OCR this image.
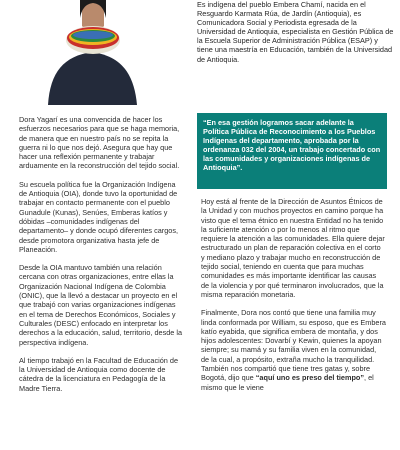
Es indígena del pueblo Embera Chamí, nacida en el Resguardo Karmata Rúa, de Jardín (Antioquia), es Comunicadora Social y Periodista egresada de la Universidad de Antioquia, especialista en Gestión Pública de la Escuela Superior de Administración Pública (ESAP) y tiene una maestría en Educación, también de la Universidad de Antioquia.
“En esa gestión logramos sacar adelante la Política Pública de Reconocimiento a los Pueblos Indígenas del departamento, aprobada por la ordenanza 032 del 2004, un trabajo concertado con las comunidades y organizaciones indígenas de Antioquia”.

Dora Yagarí es una convencida de hacer los esfuerzos necesarios para que se haga memoria, de manera que en nuestro país no se repita la guerra ni lo que nos dejó. Asegura que hay que hacer una reflexión permanente y trabajar arduamente en la reconstrucción del tejido social.

Su escuela política fue la Organización Indígena de Antioquia (OIA), donde tuvo la oportunidad de trabajar en contacto permanente con el pueblo Gunadule (Kunas), Senúes, Emberas katíos y dóbidas –comunidades indígenas del departamento– y donde ocupó diferentes cargos, desde promotora organizativa hasta jefe de Planeación.

Desde la OIA mantuvo también una relación cercana con otras organizaciones, entre ellas la Organización Nacional Indígena de Colombia (ONIC), que la llevó a destacar un proyecto en el que trabajó con varias organizaciones indígenas en el tema de Derechos Económicos, Sociales y Culturales (DESC) enfocado en interpretar los derechos a la educación, salud, territorio, desde la perspectiva indígena.

Al tiempo trabajó en la Facultad de Educación de la Universidad de Antioquia como docente de cátedra de la licenciatura en Pedagogía de la Madre Tierra.

Hoy está al frente de la Dirección de Asuntos Étnicos de la Unidad y con muchos proyectos en camino porque ha visto que el tema étnico en nuestra Entidad no ha tenido la suficiente atención o por lo menos al ritmo que requiere la atención a las comunidades. Ella quiere dejar estructurado un plan de reparación colectiva en el corto y mediano plazo y trabajar mucho en reconstrucción de tejido social, teniendo en cuenta que para muchas comunidades es más importante identificar las causas de la violencia y por qué terminaron involucrados, que la misma reparación monetaria.

Finalmente, Dora nos contó que tiene una familia muy linda conformada por William, su esposo, que es Embera katío eyabida, que significa embera de montaña, y dos hijos adolescentes: Dovarbí y Kewin, quienes la apoyan siempre; su mamá y su familia viven en la comunidad, de la cual, a propósito, extraña mucho la tranquilidad. También nos compartió que tiene tres gatas y, sobre Bogotá, dijo que “aquí uno es preso del tiempo”, el mismo que le viene
